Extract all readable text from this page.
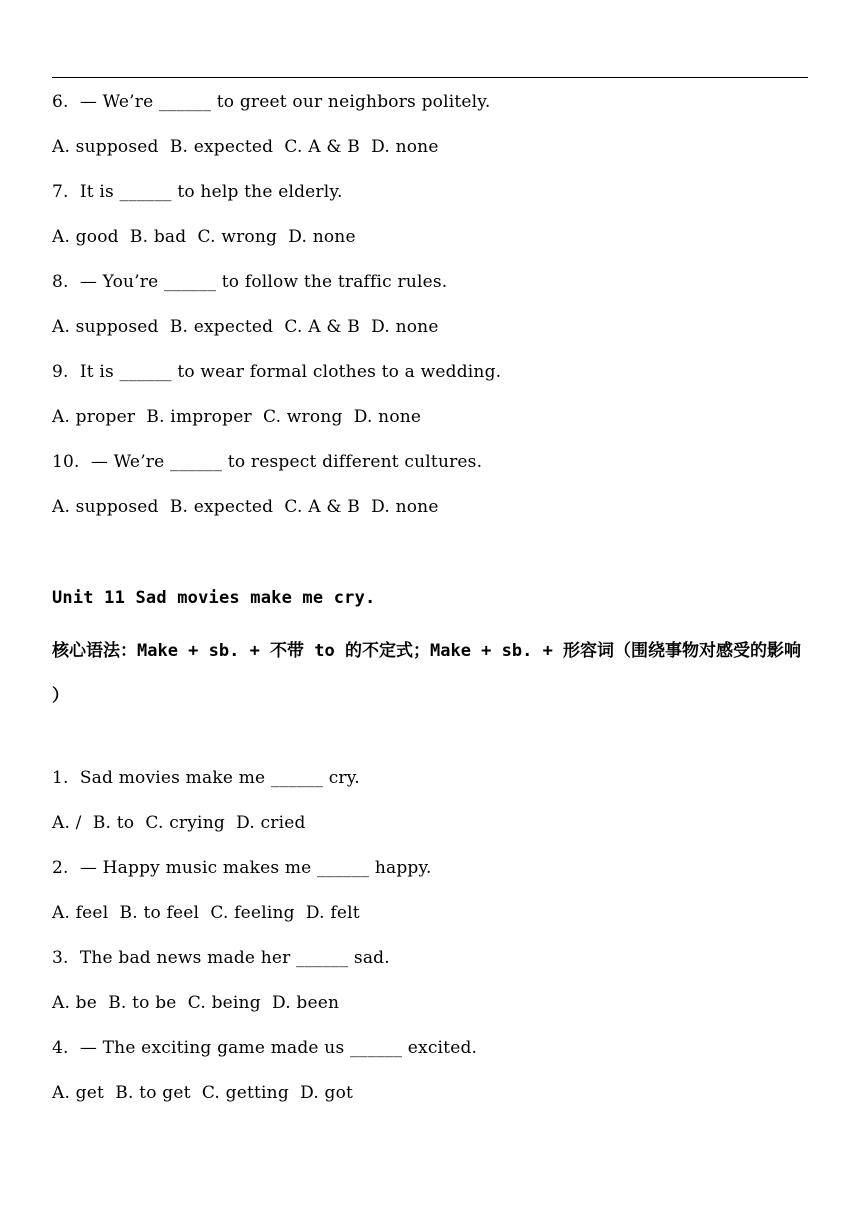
6.  — We’re ______ to greet our neighbors politely.
A. supposed  B. expected  C. A & B  D. none
7.  It is ______ to help the elderly.
A. good  B. bad  C. wrong  D. none
8.  — You’re ______ to follow the traffic rules.
A. supposed  B. expected  C. A & B  D. none
9.  It is ______ to wear formal clothes to a wedding.
A. proper  B. improper  C. wrong  D. none
10.  — We’re ______ to respect different cultures.
A. supposed  B. expected  C. A & B  D. none
Unit 11 Sad movies make me cry.
核心语法：Make + sb. + 不带 to 的不定式；Make + sb. + 形容词（围绕事物对感受的影响 ）
1.  Sad movies make me ______ cry.
A. /  B. to  C. crying  D. cried
2.  — Happy music makes me ______ happy.
A. feel  B. to feel  C. feeling  D. felt
3.  The bad news made her ______ sad.
A. be  B. to be  C. being  D. been
4.  — The exciting game made us ______ excited.
A. get  B. to get  C. getting  D. got
